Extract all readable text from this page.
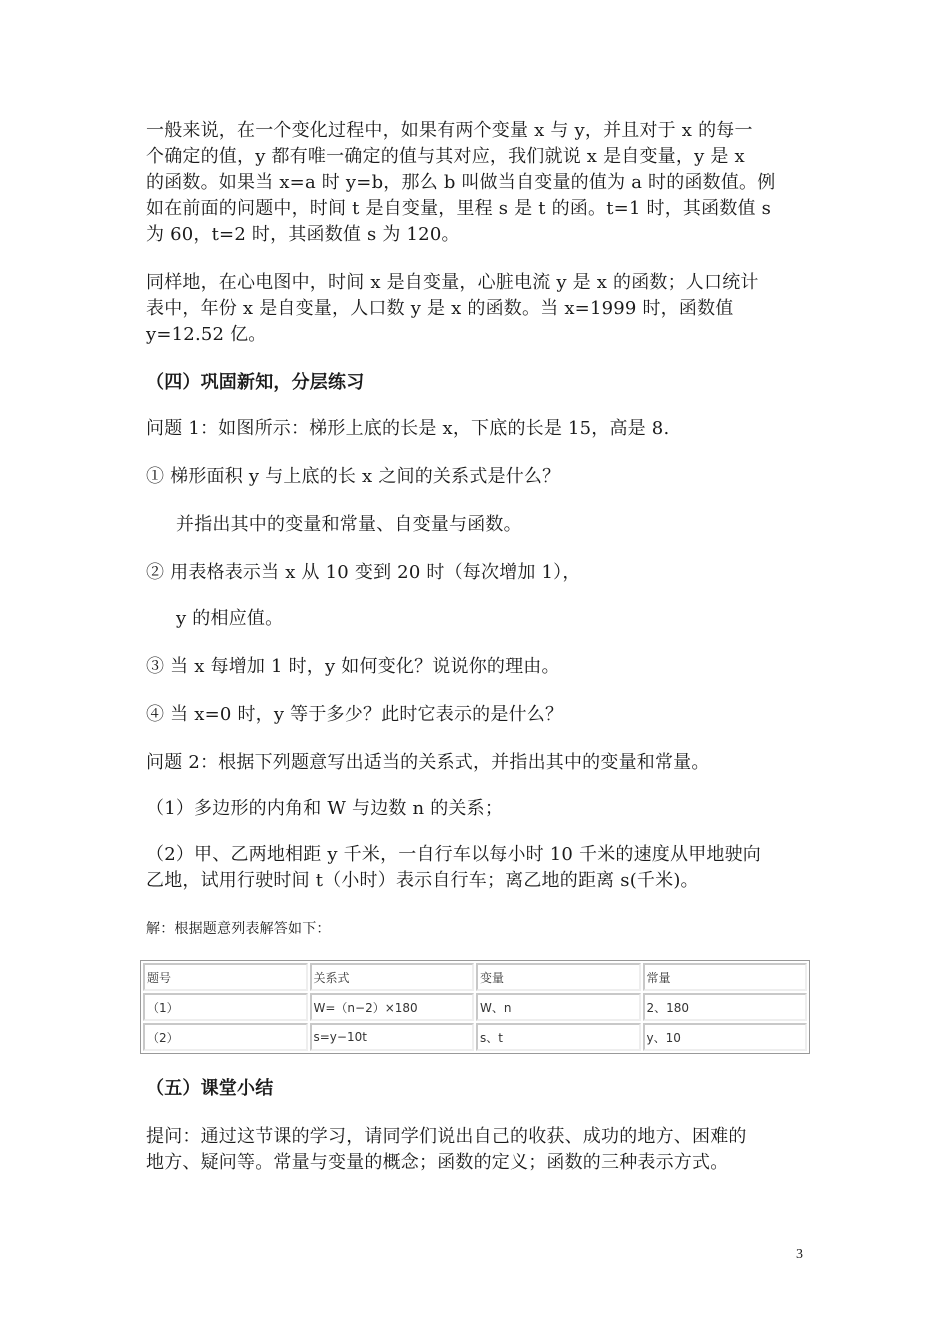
一般来说，在一个变化过程中，如果有两个变量 x 与 y，并且对于 x 的每一
个确定的值，y 都有唯一确定的值与其对应，我们就说 x 是自变量，y 是 x
的函数。如果当 x=a 时 y=b，那么 b 叫做当自变量的值为 a 时的函数值。例
如在前面的问题中，时间 t 是自变量，里程 s 是 t 的函。t=1 时，其函数值 s
为 60，t=2 时，其函数值 s 为 120。

同样地，在心电图中，时间 x 是自变量，心脏电流 y 是 x 的函数；人口统计
表中，年份 x 是自变量，人口数 y 是 x 的函数。当 x=1999 时，函数值
y=12.52 亿。

（四）巩固新知，分层练习

问题 1：如图所示：梯形上底的长是 x，下底的长是 15，高是 8.

① 梯形面积 y 与上底的长 x 之间的关系式是什么？

并指出其中的变量和常量、自变量与函数。

② 用表格表示当 x 从 10 变到 20 时（每次增加 1），

y 的相应值。

③ 当 x 每增加 1 时，y 如何变化？说说你的理由。

④ 当 x=0 时，y 等于多少？此时它表示的是什么？

问题 2：根据下列题意写出适当的关系式，并指出其中的变量和常量。

（1）多边形的内角和 W 与边数 n 的关系；

（2）甲、乙两地相距 y 千米，一自行车以每小时 10 千米的速度从甲地驶向
乙地，试用行驶时间 t（小时）表示自行车；离乙地的距离 s(千米)。

解：根据题意列表解答如下：

题号	关系式	变量	常量
（1）	W=（n−2）×180	W、n	2、180
（2）	s=y−10t	s、t	y、10

（五）课堂小结

提问：通过这节课的学习，请同学们说出自己的收获、成功的地方、困难的
地方、疑问等。常量与变量的概念；函数的定义；函数的三种表示方式。

3
